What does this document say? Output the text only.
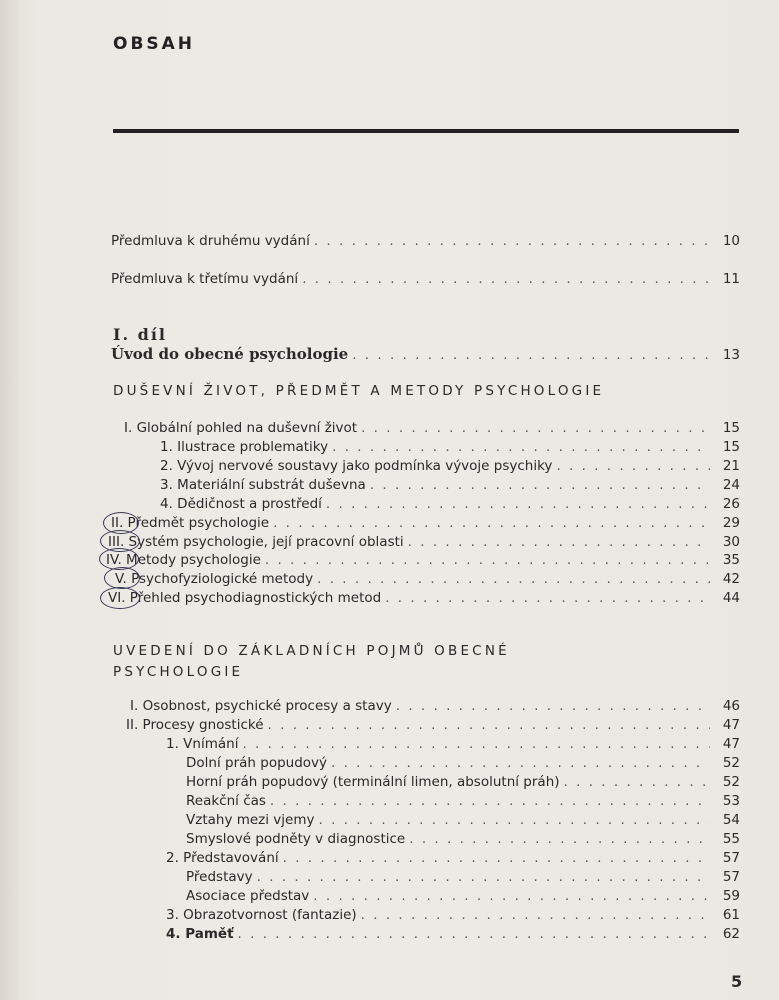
OBSAH
Předmluva k druhému vydání . . .	10
Předmluva k třetímu vydání . . .	11
I. díl
Úvod do obecné psychologie . . .	13
DUŠEVNÍ ŽIVOT, PŘEDMĚT A METODY PSYCHOLOGIE
I. Globální pohled na duševní život . . .	15
1. Ilustrace problematiky . . .	15
2. Vývoj nervové soustavy jako podmínka vývoje psychiky . . .	21
3. Materiální substrát duševna . . .	24
4. Dědičnost a prostředí . . .	26
II. Předmět psychologie . . .	29
III. Systém psychologie, její pracovní oblasti . . .	30
IV. Metody psychologie . . .	35
V. Psychofyziologické metody . . .	42
VI. Přehled psychodiagnostických metod . . .	44
UVEDENÍ DO ZÁKLADNÍCH POJMŮ OBECNÉ
PSYCHOLOGIE
I. Osobnost, psychické procesy a stavy . . .	46
II. Procesy gnostické . . .	47
1. Vnímání . . .	47
Dolní práh popudový . . .	52
Horní práh popudový (terminální limen, absolutní práh) . . .	52
Reakční čas . . .	53
Vztahy mezi vjemy . . .	54
Smyslové podněty v diagnostice . . .	55
2. Představování . . .	57
Představy . . .	57
Asociace představ . . .	59
3. Obrazotvornost (fantazie) . . .	61
4. Paměť . . .	62
5
